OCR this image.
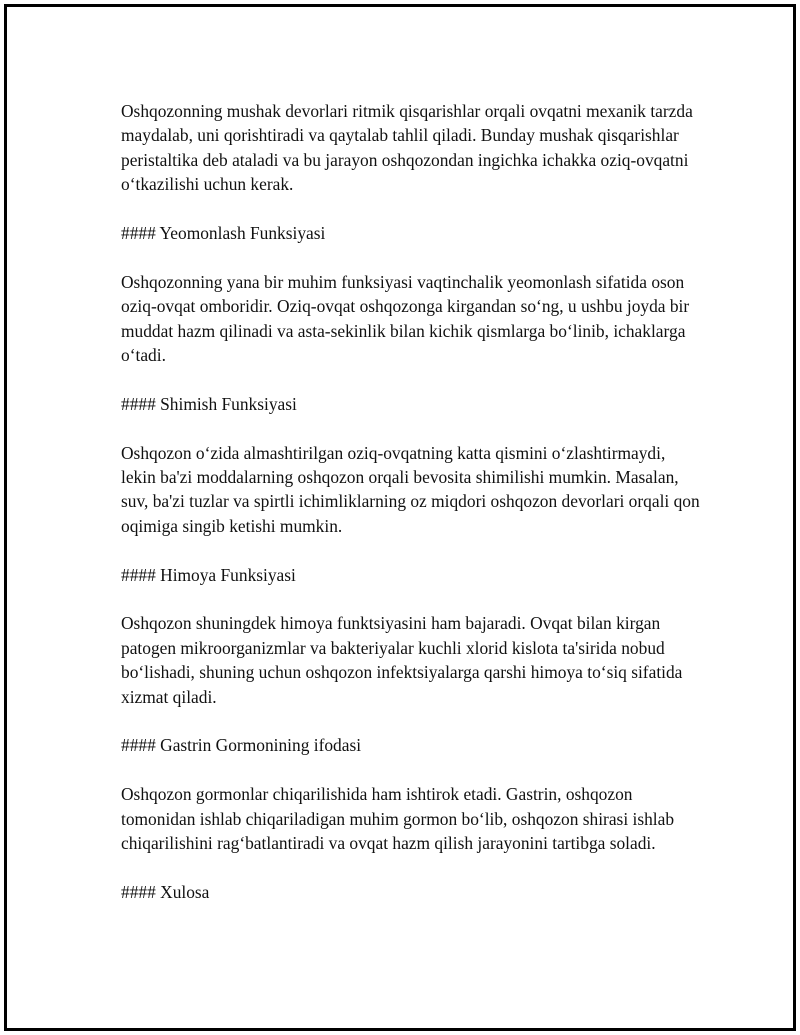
Oshqozonning mushak devorlari ritmik qisqarishlar orqali ovqatni mexanik tarzda maydalab, uni qorishtiradi va qaytalab tahlil qiladi. Bunday mushak qisqarishlar peristaltika deb ataladi va bu jarayon oshqozondan ingichka ichakka oziq-ovqatni o‘tkazilishi uchun kerak.

#### Yeomonlash Funksiyasi

Oshqozonning yana bir muhim funksiyasi vaqtinchalik yeomonlash sifatida oson oziq-ovqat omboridir. Oziq-ovqat oshqozonga kirgandan so‘ng, u ushbu joyda bir muddat hazm qilinadi va asta-sekinlik bilan kichik qismlarga bo‘linib, ichaklarga o‘tadi.

#### Shimish Funksiyasi

Oshqozon o‘zida almashtirilgan oziq-ovqatning katta qismini o‘zlashtirmaydi, lekin ba'zi moddalarning oshqozon orqali bevosita shimilishi mumkin. Masalan, suv, ba'zi tuzlar va spirtli ichimliklarning oz miqdori oshqozon devorlari orqali qon oqimiga singib ketishi mumkin.

#### Himoya Funksiyasi

Oshqozon shuningdek himoya funktsiyasini ham bajaradi. Ovqat bilan kirgan patogen mikroorganizmlar va bakteriyalar kuchli xlorid kislota ta'sirida nobud bo‘lishadi, shuning uchun oshqozon infektsiyalarga qarshi himoya to‘siq sifatida xizmat qiladi.

#### Gastrin Gormonining ifodasi

Oshqozon gormonlar chiqarilishida ham ishtirok etadi. Gastrin, oshqozon tomonidan ishlab chiqariladigan muhim gormon bo‘lib, oshqozon shirasi ishlab chiqarilishini rag‘batlantiradi va ovqat hazm qilish jarayonini tartibga soladi.

#### Xulosa
